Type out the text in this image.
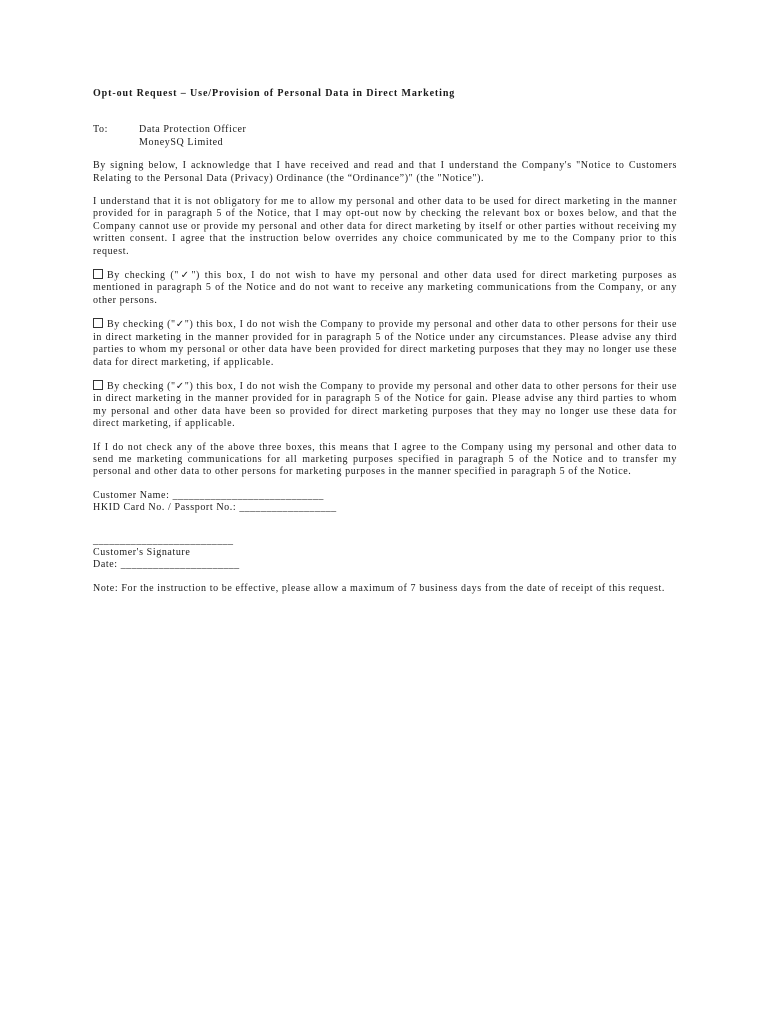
Opt-out Request – Use/Provision of Personal Data in Direct Marketing
To:	Data Protection Officer
MoneySQ Limited

By signing below, I acknowledge that I have received and read and that I understand the Company's "Notice to Customers Relating to the Personal Data (Privacy) Ordinance (the “Ordinance”)" (the "Notice").

I understand that it is not obligatory for me to allow my personal and other data to be used for direct marketing in the manner provided for in paragraph 5 of the Notice, that I may opt-out now by checking the relevant box or boxes below, and that the Company cannot use or provide my personal and other data for direct marketing by itself or other parties without receiving my written consent. I agree that the instruction below overrides any choice communicated by me to the Company prior to this request.

By checking ("✓") this box, I do not wish to have my personal and other data used for direct marketing purposes as mentioned in paragraph 5 of the Notice and do not want to receive any marketing communications from the Company, or any other persons.

By checking ("✓") this box, I do not wish the Company to provide my personal and other data to other persons for their use in direct marketing in the manner provided for in paragraph 5 of the Notice under any circumstances. Please advise any third parties to whom my personal or other data have been provided for direct marketing purposes that they may no longer use these data for direct marketing, if applicable.

By checking ("✓") this box, I do not wish the Company to provide my personal and other data to other persons for their use in direct marketing in the manner provided for in paragraph 5 of the Notice for gain. Please advise any third parties to whom my personal and other data have been so provided for direct marketing purposes that they may no longer use these data for direct marketing, if applicable.

If I do not check any of the above three boxes, this means that I agree to the Company using my personal and other data to send me marketing communications for all marketing purposes specified in paragraph 5 of the Notice and to transfer my personal and other data to other persons for marketing purposes in the manner specified in paragraph 5 of the Notice.

Customer Name: ____________________________
HKID Card No. / Passport No.: __________________
__________________________
Customer's Signature
Date: ______________________

Note: For the instruction to be effective, please allow a maximum of 7 business days from the date of receipt of this request.
